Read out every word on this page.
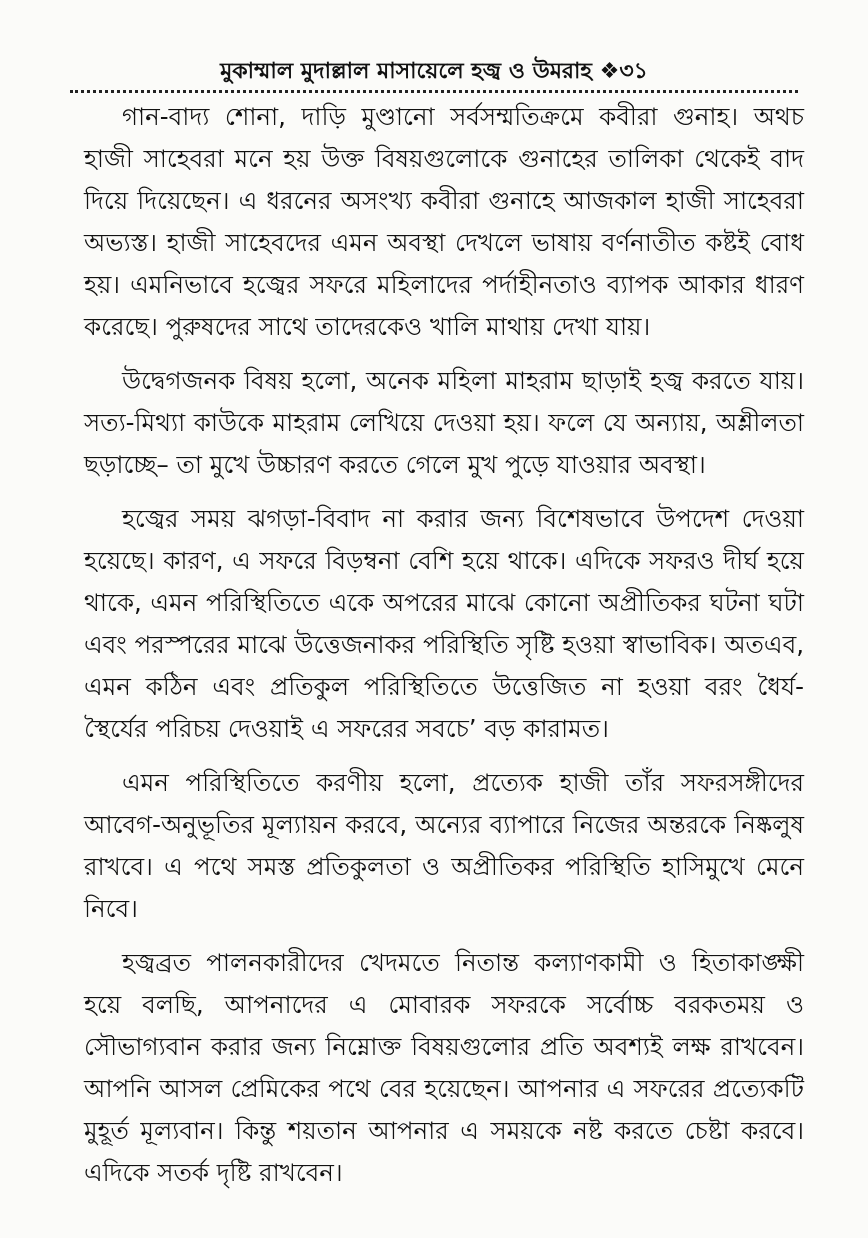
মুকাম্মাল মুদাল্লাল মাসায়েলে হজ্ব ও উমরাহ ❖৩১

গান-বাদ্য শোনা, দাড়ি মুণ্ডানো সর্বসম্মতিক্রমে কবীরা গুনাহ। অথচ হাজী সাহেবরা মনে হয় উক্ত বিষয়গুলোকে গুনাহের তালিকা থেকেই বাদ দিয়ে দিয়েছেন। এ ধরনের অসংখ্য কবীরা গুনাহে আজকাল হাজী সাহেবরা অভ্যস্ত। হাজী সাহেবদের এমন অবস্থা দেখলে ভাষায় বর্ণনাতীত কষ্টই বোধ হয়। এমনিভাবে হজ্বের সফরে মহিলাদের পর্দাহীনতাও ব্যাপক আকার ধারণ করেছে। পুরুষদের সাথে তাদেরকেও খালি মাথায় দেখা যায়।

উদ্বেগজনক বিষয় হলো, অনেক মহিলা মাহরাম ছাড়াই হজ্ব করতে যায়। সত্য-মিথ্যা কাউকে মাহরাম লেখিয়ে দেওয়া হয়। ফলে যে অন্যায়, অশ্লীলতা ছড়াচ্ছে– তা মুখে উচ্চারণ করতে গেলে মুখ পুড়ে যাওয়ার অবস্থা।

হজ্বের সময় ঝগড়া-বিবাদ না করার জন্য বিশেষভাবে উপদেশ দেওয়া হয়েছে। কারণ, এ সফরে বিড়ম্বনা বেশি হয়ে থাকে। এদিকে সফরও দীর্ঘ হয়ে থাকে, এমন পরিস্থিতিতে একে অপরের মাঝে কোনো অপ্রীতিকর ঘটনা ঘটা এবং পরস্পরের মাঝে উত্তেজনাকর পরিস্থিতি সৃষ্টি হওয়া স্বাভাবিক। অতএব, এমন কঠিন এবং প্রতিকুল পরিস্থিতিতে উত্তেজিত না হওয়া বরং ধৈর্য-স্থৈর্যের পরিচয় দেওয়াই এ সফরের সবচে’ বড় কারামত।

এমন পরিস্থিতিতে করণীয় হলো, প্রত্যেক হাজী তাঁর সফরসঙ্গীদের আবেগ-অনুভূতির মূল্যায়ন করবে, অন্যের ব্যাপারে নিজের অন্তরকে নিষ্কলুষ রাখবে। এ পথে সমস্ত প্রতিকুলতা ও অপ্রীতিকর পরিস্থিতি হাসিমুখে মেনে নিবে।

হজ্বব্রত পালনকারীদের খেদমতে নিতান্ত কল্যাণকামী ও হিতাকাঙ্ক্ষী হয়ে বলছি, আপনাদের এ মোবারক সফরকে সর্বোচ্চ বরকতময় ও সৌভাগ্যবান করার জন্য নিম্নোক্ত বিষয়গুলোর প্রতি অবশ্যই লক্ষ রাখবেন। আপনি আসল প্রেমিকের পথে বের হয়েছেন। আপনার এ সফরের প্রত্যেকটি মুহূর্ত মূল্যবান। কিন্তু শয়তান আপনার এ সময়কে নষ্ট করতে চেষ্টা করবে। এদিকে সতর্ক দৃষ্টি রাখবেন।
